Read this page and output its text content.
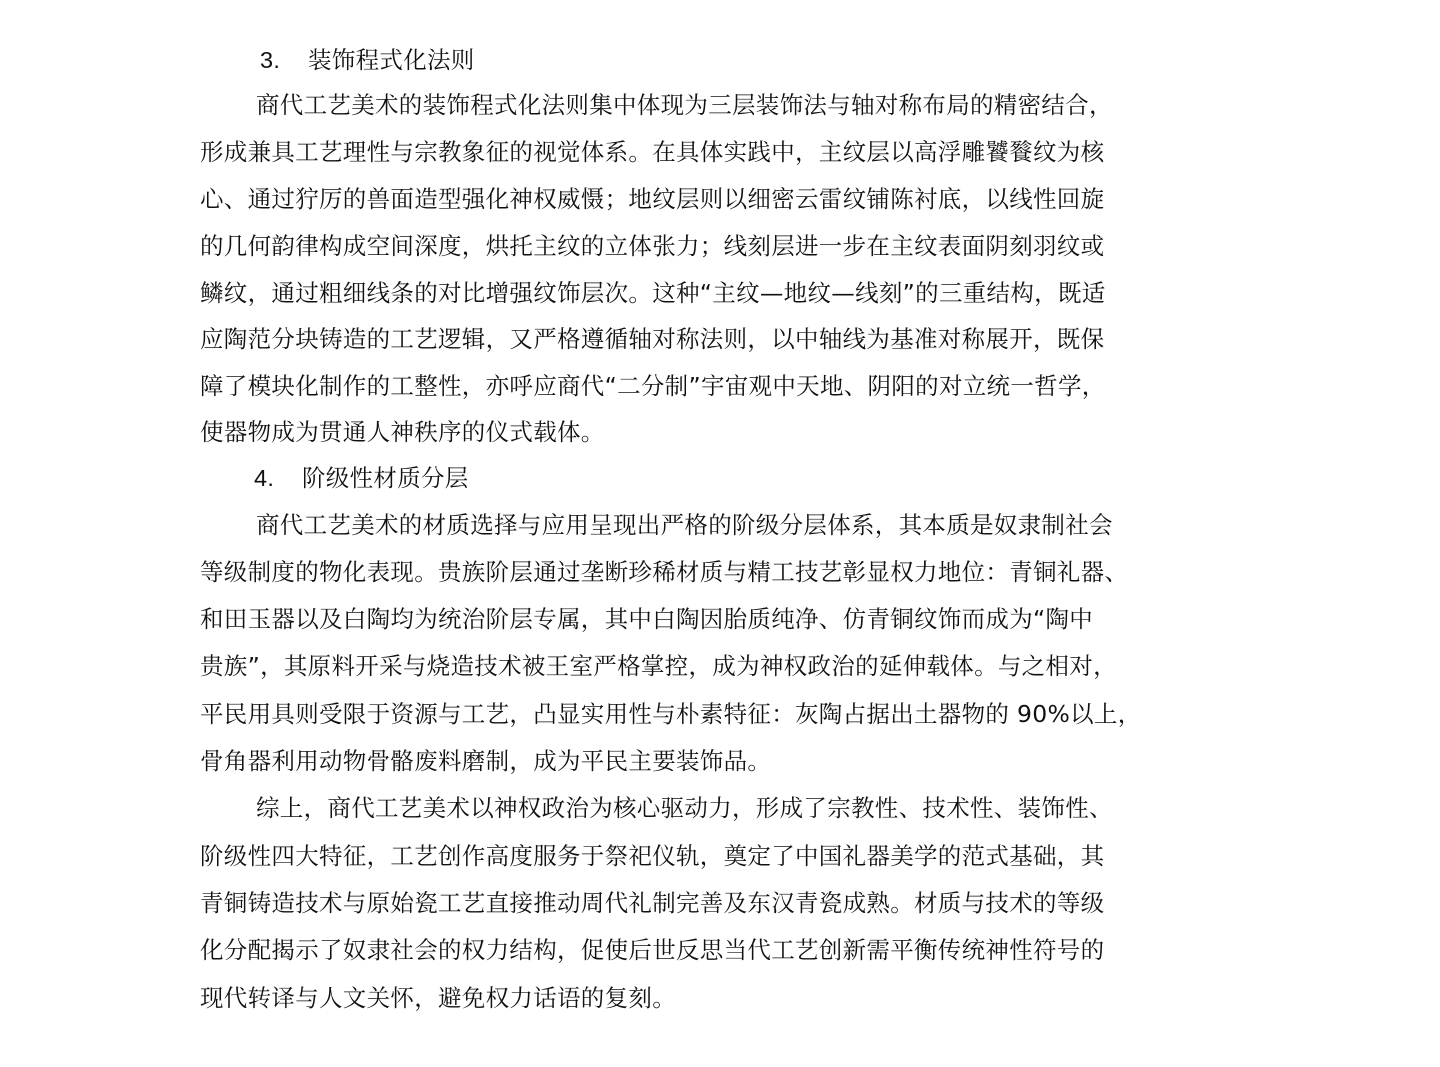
3. 装饰程式化法则
商代工艺美术的装饰程式化法则集中体现为三层装饰法与轴对称布局的精密结合，
形成兼具工艺理性与宗教象征的视觉体系。在具体实践中，主纹层以高浮雕饕餮纹为核
心、通过狞厉的兽面造型强化神权威慑；地纹层则以细密云雷纹铺陈衬底，以线性回旋
的几何韵律构成空间深度，烘托主纹的立体张力；线刻层进一步在主纹表面阴刻羽纹或
鳞纹，通过粗细线条的对比增强纹饰层次。这种“主纹—地纹—线刻”的三重结构，既适
应陶范分块铸造的工艺逻辑，又严格遵循轴对称法则，以中轴线为基准对称展开，既保
障了模块化制作的工整性，亦呼应商代“二分制”宇宙观中天地、阴阳的对立统一哲学，
使器物成为贯通人神秩序的仪式载体。
4. 阶级性材质分层
商代工艺美术的材质选择与应用呈现出严格的阶级分层体系，其本质是奴隶制社会
等级制度的物化表现。贵族阶层通过垄断珍稀材质与精工技艺彰显权力地位：青铜礼器、
和田玉器以及白陶均为统治阶层专属，其中白陶因胎质纯净、仿青铜纹饰而成为“陶中
贵族”，其原料开采与烧造技术被王室严格掌控，成为神权政治的延伸载体。与之相对，
平民用具则受限于资源与工艺，凸显实用性与朴素特征：灰陶占据出土器物的 90%以上，
骨角器利用动物骨骼废料磨制，成为平民主要装饰品。
综上，商代工艺美术以神权政治为核心驱动力，形成了宗教性、技术性、装饰性、
阶级性四大特征，工艺创作高度服务于祭祀仪轨，奠定了中国礼器美学的范式基础，其
青铜铸造技术与原始瓷工艺直接推动周代礼制完善及东汉青瓷成熟。材质与技术的等级
化分配揭示了奴隶社会的权力结构，促使后世反思当代工艺创新需平衡传统神性符号的
现代转译与人文关怀，避免权力话语的复刻。
